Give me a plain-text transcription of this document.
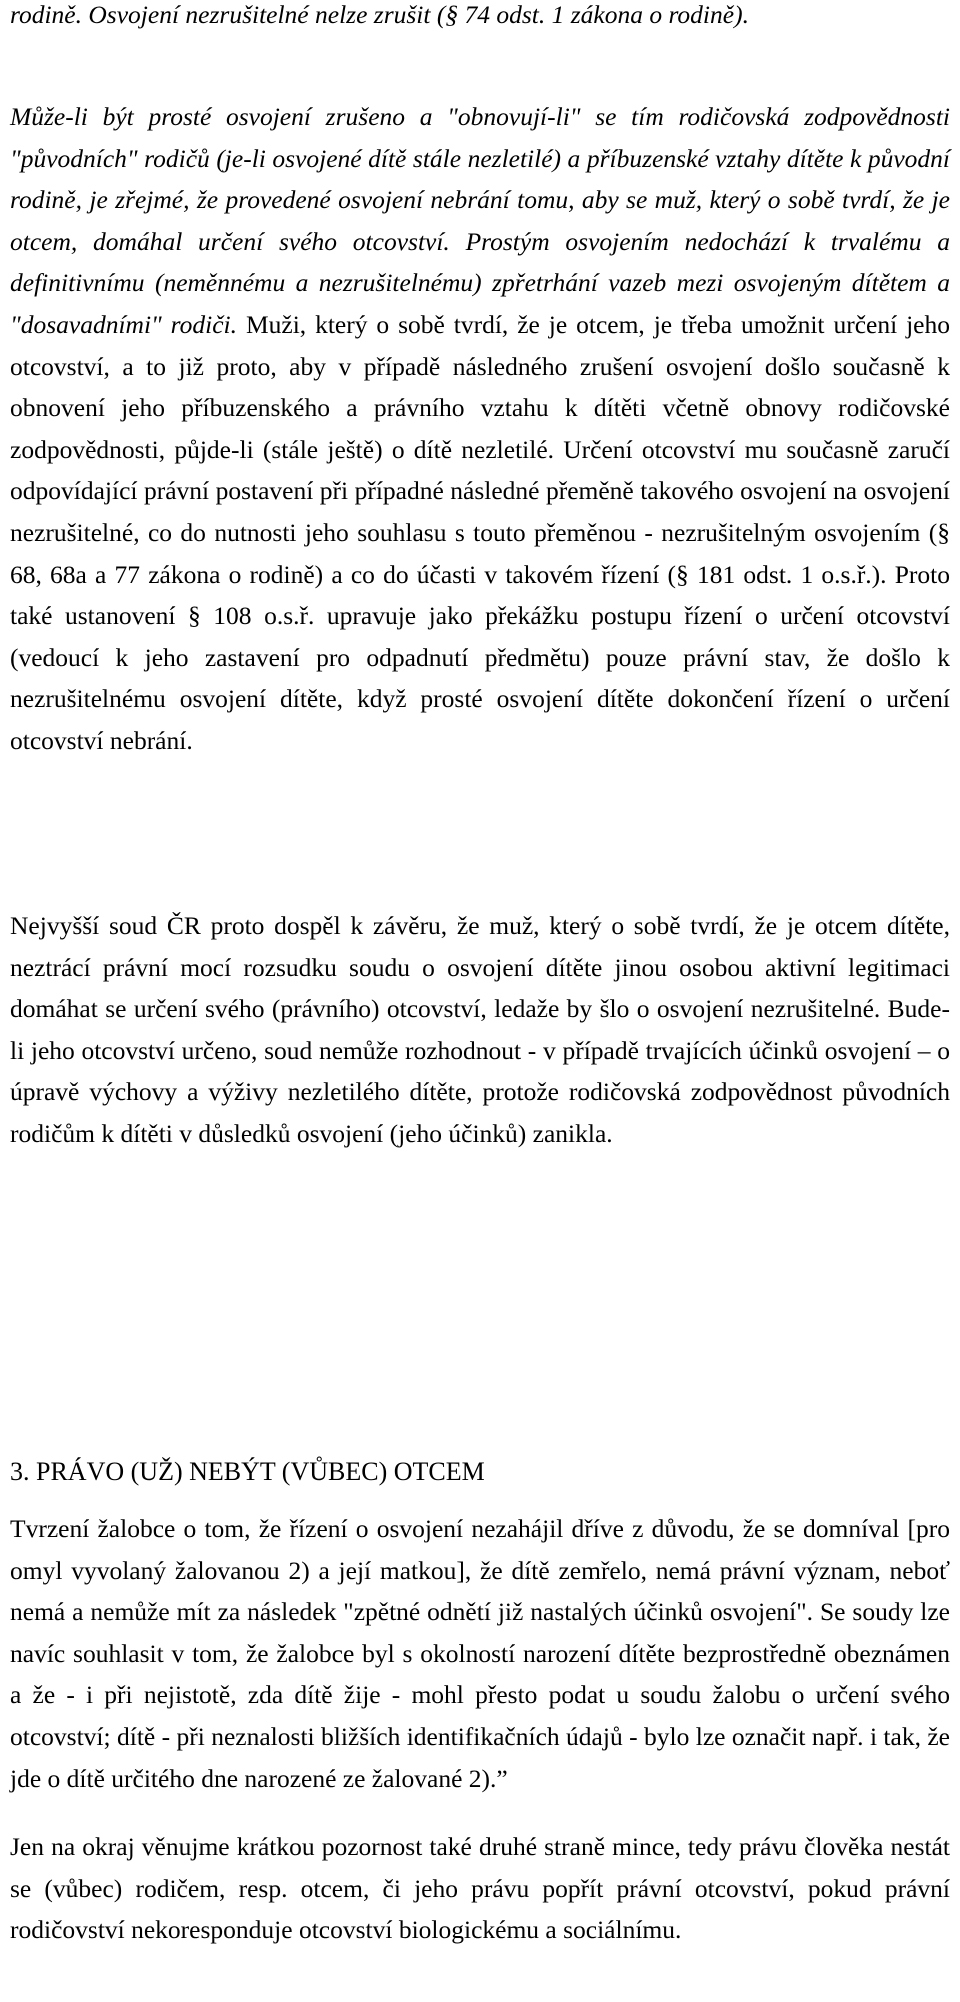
rodině. Osvojení nezrušitelné nelze zrušit (§ 74 odst. 1 zákona o rodině).

Může-li být prosté osvojení zrušeno a "obnovují-li" se tím rodičovská zodpovědnosti "původních" rodičů (je-li osvojené dítě stále nezletilé) a příbuzenské vztahy dítěte k původní rodině, je zřejmé, že provedené osvojení nebrání tomu, aby se muž, který o sobě tvrdí, že je otcem, domáhal určení svého otcovství. Prostým osvojením nedochází k trvalému a definitivnímu (neměnnému a nezrušitelnému) zpřetrhání vazeb mezi osvojeným dítětem a "dosavadními" rodiči. Muži, který o sobě tvrdí, že je otcem, je třeba umožnit určení jeho otcovství, a to již proto, aby v případě následného zrušení osvojení došlo současně k obnovení jeho příbuzenského a právního vztahu k dítěti včetně obnovy rodičovské zodpovědnosti, půjde-li (stále ještě) o dítě nezletilé. Určení otcovství mu současně zaručí odpovídající právní postavení při případné následné přeměně takového osvojení na osvojení nezrušitelné, co do nutnosti jeho souhlasu s touto přeměnou - nezrušitelným osvojením (§ 68, 68a a 77 zákona o rodině) a co do účasti v takovém řízení (§ 181 odst. 1 o.s.ř.). Proto také ustanovení § 108 o.s.ř. upravuje jako překážku postupu řízení o určení otcovství (vedoucí k jeho zastavení pro odpadnutí předmětu) pouze právní stav, že došlo k nezrušitelnému osvojení dítěte, když prosté osvojení dítěte dokončení řízení o určení otcovství nebrání.

Nejvyšší soud ČR proto dospěl k závěru, že muž, který o sobě tvrdí, že je otcem dítěte, neztrácí právní mocí rozsudku soudu o osvojení dítěte jinou osobou aktivní legitimaci domáhat se určení svého (právního) otcovství, ledaže by šlo o osvojení nezrušitelné. Bude-li jeho otcovství určeno, soud nemůže rozhodnout - v případě trvajících účinků osvojení – o úpravě výchovy a výživy nezletilého dítěte, protože rodičovská zodpovědnost původních rodičům k dítěti v důsledků osvojení (jeho účinků) zanikla.

Tvrzení žalobce o tom, že řízení o osvojení nezahájil dříve z důvodu, že se domníval [pro omyl vyvolaný žalovanou 2) a její matkou], že dítě zemřelo, nemá právní význam, neboť nemá a nemůže mít za následek "zpětné odnětí již nastalých účinků osvojení". Se soudy lze navíc souhlasit v tom, že žalobce byl s okolností narození dítěte bezprostředně obeznámen a že - i při nejistotě, zda dítě žije - mohl přesto podat u soudu žalobu o určení svého otcovství; dítě - při neznalosti bližších identifikačních údajů - bylo lze označit např. i tak, že jde o dítě určitého dne narozené ze žalované 2).”

3. PRÁVO (UŽ) NEBÝT (VŮBEC) OTCEM

Jen na okraj věnujme krátkou pozornost také druhé straně mince, tedy právu člověka nestát se (vůbec) rodičem, resp. otcem, či jeho právu popřít právní otcovství, pokud právní rodičovství nekoresponduje otcovství biologickému a sociálnímu.
